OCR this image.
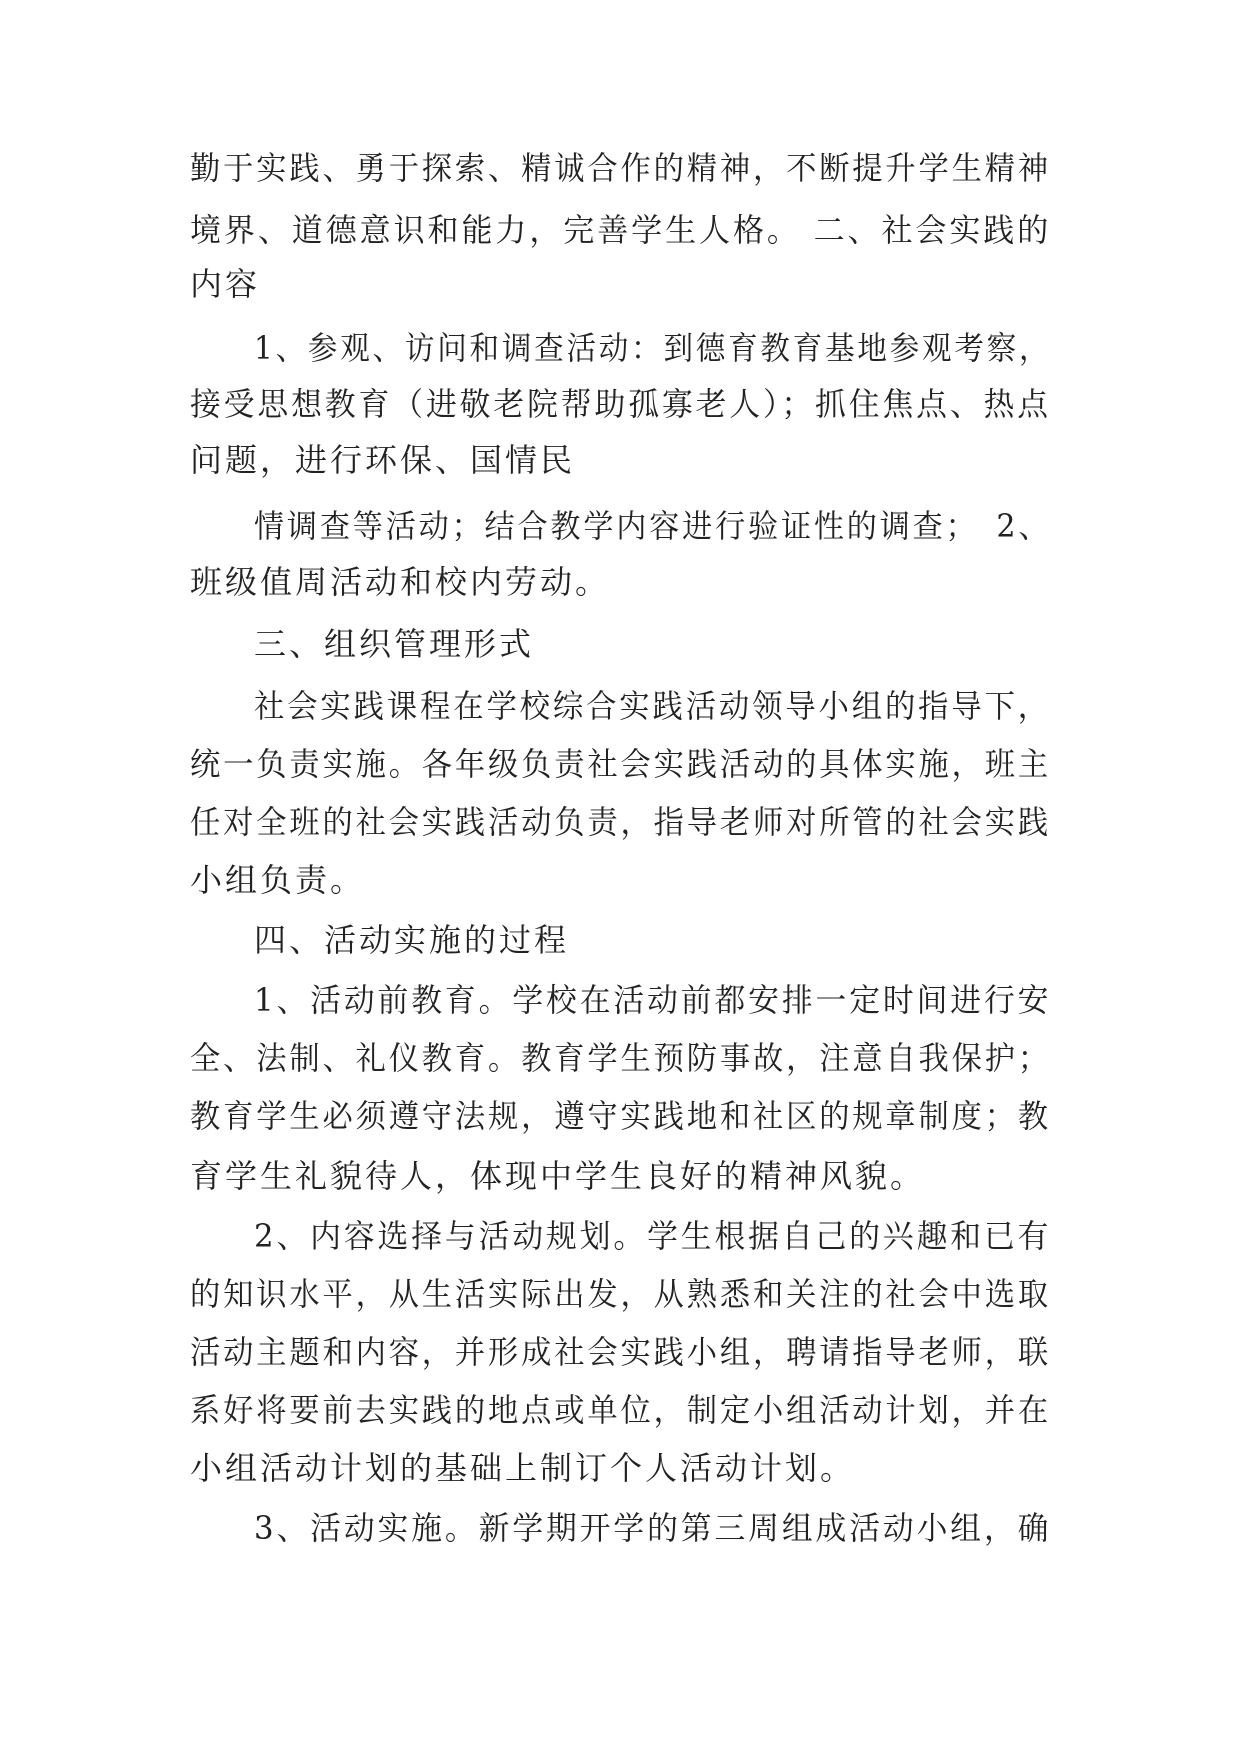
勤于实践、勇于探索、精诚合作的精神，不断提升学生精神

境界、道德意识和能力，完善学生人格。 二、社会实践的

内容

1、参观、访问和调查活动：到德育教育基地参观考察，

接受思想教育（进敬老院帮助孤寡老人）；抓住焦点、热点

问题，进行环保、国情民

情调查等活动；结合教学内容进行验证性的调查；　2、

班级值周活动和校内劳动。

三、组织管理形式

社会实践课程在学校综合实践活动领导小组的指导下，

统一负责实施。各年级负责社会实践活动的具体实施，班主

任对全班的社会实践活动负责，指导老师对所管的社会实践

小组负责。

四、活动实施的过程

1、活动前教育。学校在活动前都安排一定时间进行安

全、法制、礼仪教育。教育学生预防事故，注意自我保护；

教育学生必须遵守法规，遵守实践地和社区的规章制度；教

育学生礼貌待人，体现中学生良好的精神风貌。

2、内容选择与活动规划。学生根据自己的兴趣和已有

的知识水平，从生活实际出发，从熟悉和关注的社会中选取

活动主题和内容，并形成社会实践小组，聘请指导老师，联

系好将要前去实践的地点或单位，制定小组活动计划，并在

小组活动计划的基础上制订个人活动计划。

3、活动实施。新学期开学的第三周组成活动小组，确
